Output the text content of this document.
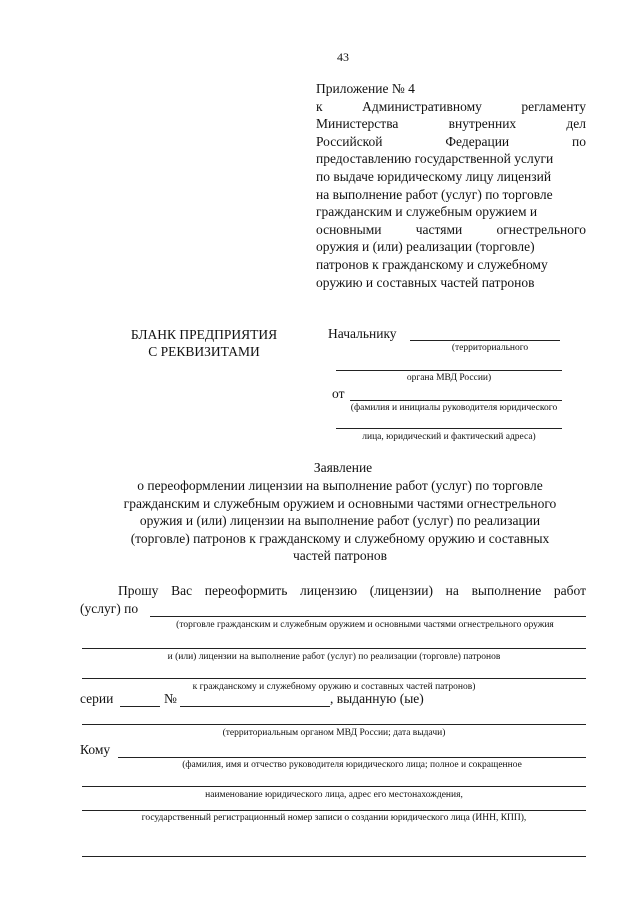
43
Приложение № 4
к	Административному	регламенту
Министерства	внутренних	дел
Российской	Федерации	по
предоставлению государственной услуги
по выдаче юридическому лицу лицензий
на выполнение работ (услуг) по торговле
гражданским и служебным оружием и
основными	частями	огнестрельного
оружия и (или) реализации (торговле)
патронов к гражданскому и служебному
оружию и составных частей патронов
БЛАНК ПРЕДПРИЯТИЯ
С РЕКВИЗИТАМИ
Начальнику
(территориального
органа МВД России)
от
(фамилия и инициалы руководителя юридического
лица, юридический и фактический адреса)
Заявление
о переоформлении лицензии на выполнение работ (услуг) по торговле
гражданским и служебным оружием и основными частями огнестрельного
оружия и (или) лицензии на выполнение работ (услуг) по реализации
(торговле) патронов к гражданскому и служебному оружию и составных
частей патронов
Прошу Вас переоформить лицензию (лицензии) на выполнение работ
(услуг) по
(торговле гражданским и служебным оружием и основными частями огнестрельного оружия
и (или) лицензии на выполнение работ (услуг) по реализации (торговле) патронов
к гражданскому и служебному оружию и составных частей патронов)
серии	№	, выданную (ые)
(территориальным органом МВД России; дата выдачи)
Кому
(фамилия, имя и отчество руководителя юридического лица; полное и сокращенное
наименование юридического лица, адрес его местонахождения,
государственный регистрационный номер записи о создании юридического лица (ИНН, КПП),
